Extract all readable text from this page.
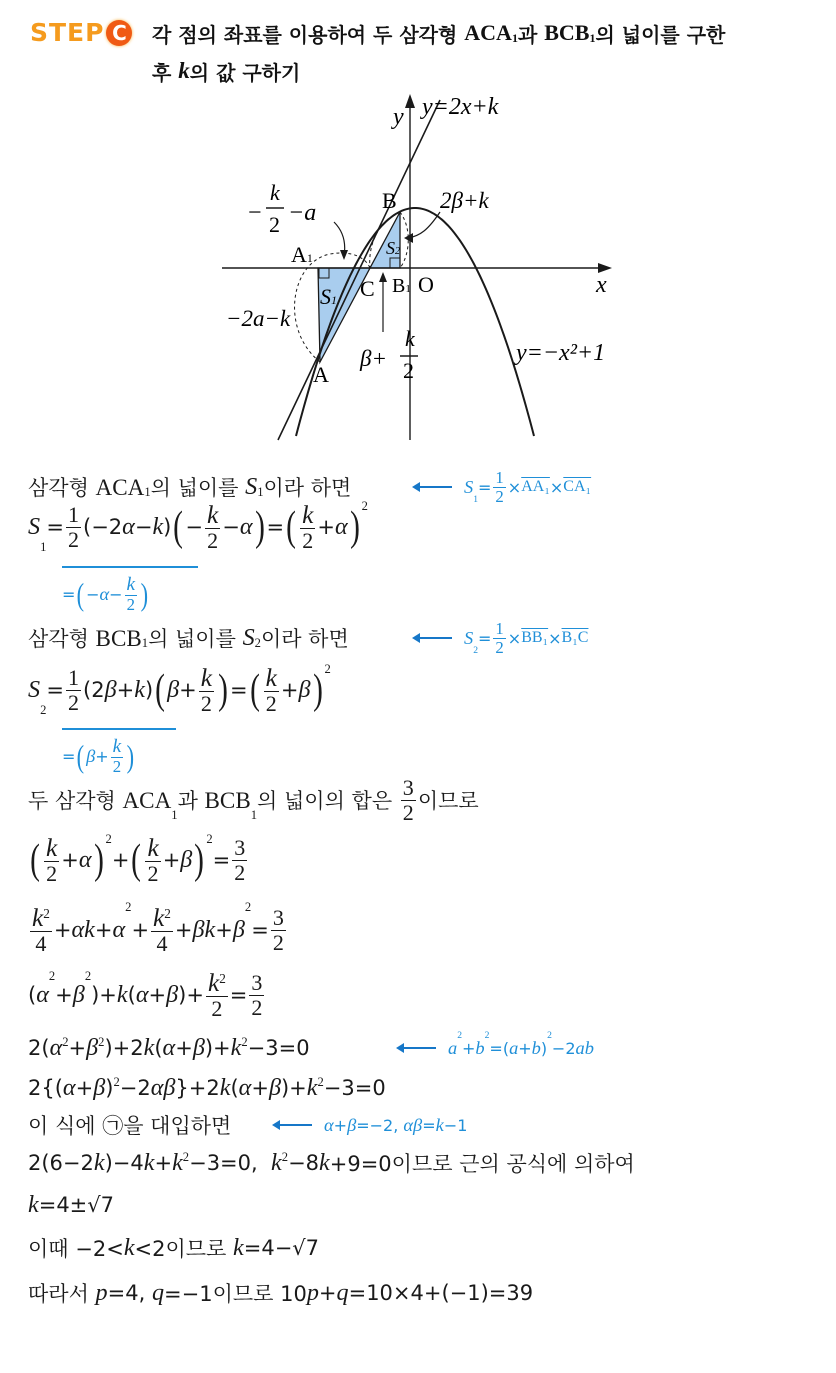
STEP C 각 점의 좌표를 이용하여 두 삼각형 ACA 1 과 BCB 1 의 넓이를 구한
후 k 의 값 구하기
y y=2x+k
−
k
2 −a	B 2β+k
A1	S2
S1 C B1 O	x
−2a−k
β+
k
2
y=−x²+1
A
삼각형 ACA 1 의 넓이를 S 1 이라 하면
S
1
= $\frac{1}{2} (-2$ α − k ) ( − $\frac{k}{2} - \alpha$ ) = ( $\frac{k}{2} + \alpha$ ) 2
= ( − $\alpha - \frac{k}{2}$ )
삼각형 BCB 1 의 넓이를 S 2 이라 하면
S
2
= $\frac{1}{2} (2$ β + k ) ( $\beta + \frac{k}{2}$ ) = ( $\frac{k}{2} + \beta$ ) 2
= ( $\beta + \frac{k}{2}$ )
두 삼각형 ACA
1
과 BCB
1
의 넓이의 합은 $\frac{3}{2}$ 이므로
( $\frac{k}{2} + \alpha$ ) 2
+ ( $\frac{k}{2} + \beta$ ) 2
= $\frac{3}{2}$
$\frac{k 2}{4} + \alpha k + \alpha$
2
+ $\frac{k 2}{4} + \beta k + \beta$
2
= $\frac{3}{2}$
( α
2
+ β
2
)+ k ( α + β )+ $\frac{k 2}{2} = \frac{3}{2}$
2( α 2 + β 2 )+2 k ( α + β )+ k 2 −3=0
2{( α + β ) 2 −2 αβ }+2 k ( α + β )+ k 2 −3=0
이 식에 ㉠을 대입하면
2(6−2 k )−4 k + k 2 −3=0, k 2 −8 k +9=0이므로 근의 공식에 의하여
k =4±√7
이때 −2< k <2이므로 k =4−√7
따라서 p =4, q =−1이므로 10 p + q =10×4+(−1)=39
S
1
= $\frac{1}{2} \times AA_1 \times CA_1$
S
2
= $\frac{1}{2} \times BB_1 \times B_1C$
a
2
+ b
2
=( a + b )
2
−2 ab
α + β =−2, αβ = k −1
